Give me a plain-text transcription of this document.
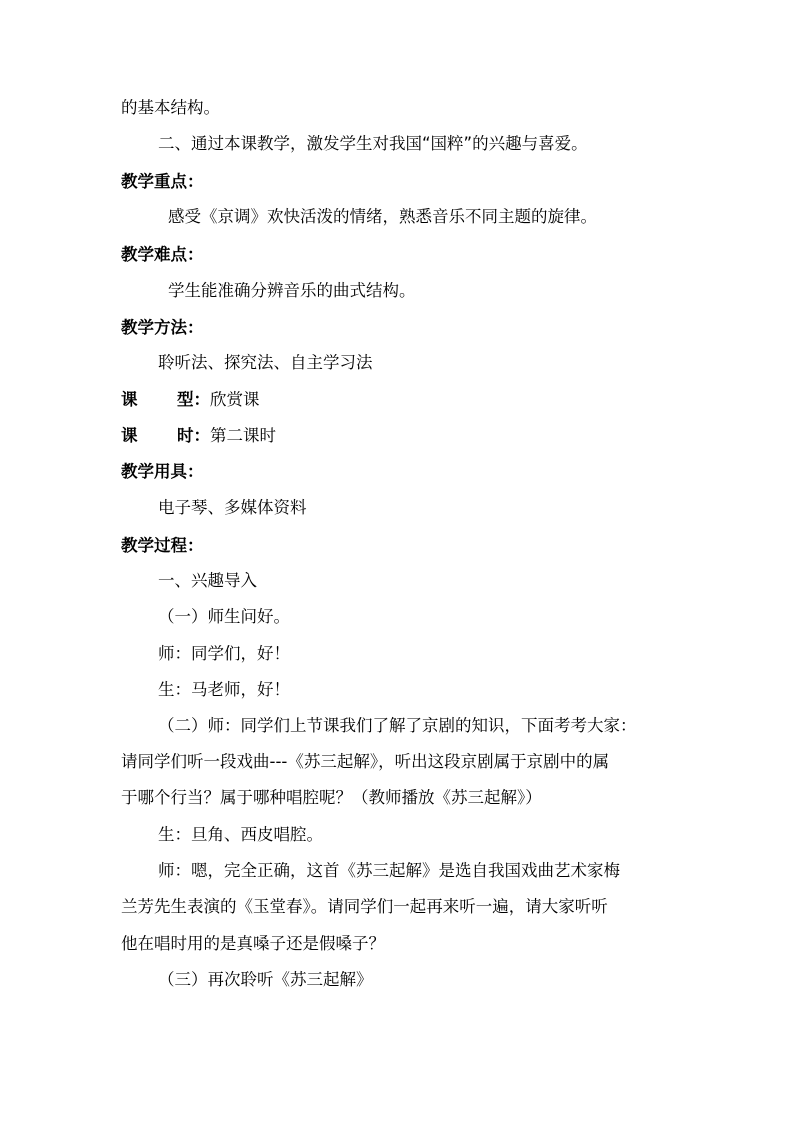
的基本结构。
二、通过本课教学，激发学生对我国“国粹”的兴趣与喜爱。
教学重点：
感受《京调》欢快活泼的情绪，熟悉音乐不同主题的旋律。
教学难点：
学生能准确分辨音乐的曲式结构。
教学方法：
聆听法、探究法、自主学习法
课 型：欣赏课
课 时：第二课时
教学用具：
电子琴、多媒体资料
教学过程：
一、兴趣导入
（一）师生问好。
师：同学们，好！
生：马老师，好！
（二）师：同学们上节课我们了解了京剧的知识，下面考考大家：
请同学们听一段戏曲---《苏三起解》，听出这段京剧属于京剧中的属
于哪个行当？属于哪种唱腔呢？（教师播放《苏三起解》）
生：旦角、西皮唱腔。
师：嗯，完全正确，这首《苏三起解》是选自我国戏曲艺术家梅
兰芳先生表演的《玉堂春》。请同学们一起再来听一遍，请大家听听
他在唱时用的是真嗓子还是假嗓子？
（三）再次聆听《苏三起解》
